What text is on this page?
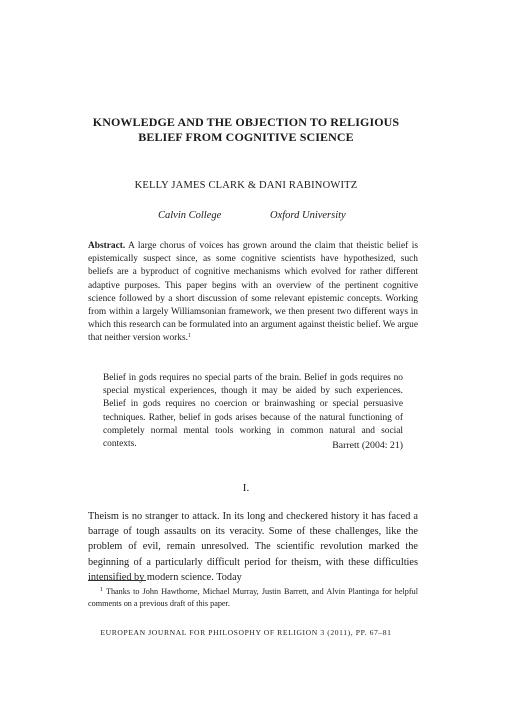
KNOWLEDGE AND THE OBJECTION TO RELIGIOUS
BELIEF FROM COGNITIVE SCIENCE
KELLY JAMES CLARK & DANI RABINOWITZ
Calvin College	Oxford University

Abstract. A large chorus of voices has grown around the claim that theistic belief is epistemically suspect since, as some cognitive scientists have hypothesized, such beliefs are a byproduct of cognitive mechanisms which evolved for rather different adaptive purposes. This paper begins with an overview of the pertinent cognitive science followed by a short discussion of some relevant epistemic concepts. Working from within a largely Williamsonian framework, we then present two different ways in which this research can be formulated into an argument against theistic belief. We argue that neither version works.$^1$

Belief in gods requires no special parts of the brain. Belief in gods requires no special mystical experiences, though it may be aided by such experiences. Belief in gods requires no coercion or brainwashing or special persuasive techniques. Rather, belief in gods arises because of the natural functioning of completely normal mental tools working in common natural and social contexts.	Barrett (2004: 21)
I.

Theism is no stranger to attack. In its long and checkered history it has faced a barrage of tough assaults on its veracity. Some of these challenges, like the problem of evil, remain unresolved. The scientific revolution marked the beginning of a particularly difficult period for theism, with these difficulties intensified by modern science. Today

$^1$ Thanks to John Hawthorne, Michael Murray, Justin Barrett, and Alvin Plantinga for helpful comments on a previous draft of this paper.

EUROPEAN JOURNAL FOR PHILOSOPHY OF RELIGION 3 (2011), PP. 67–81
